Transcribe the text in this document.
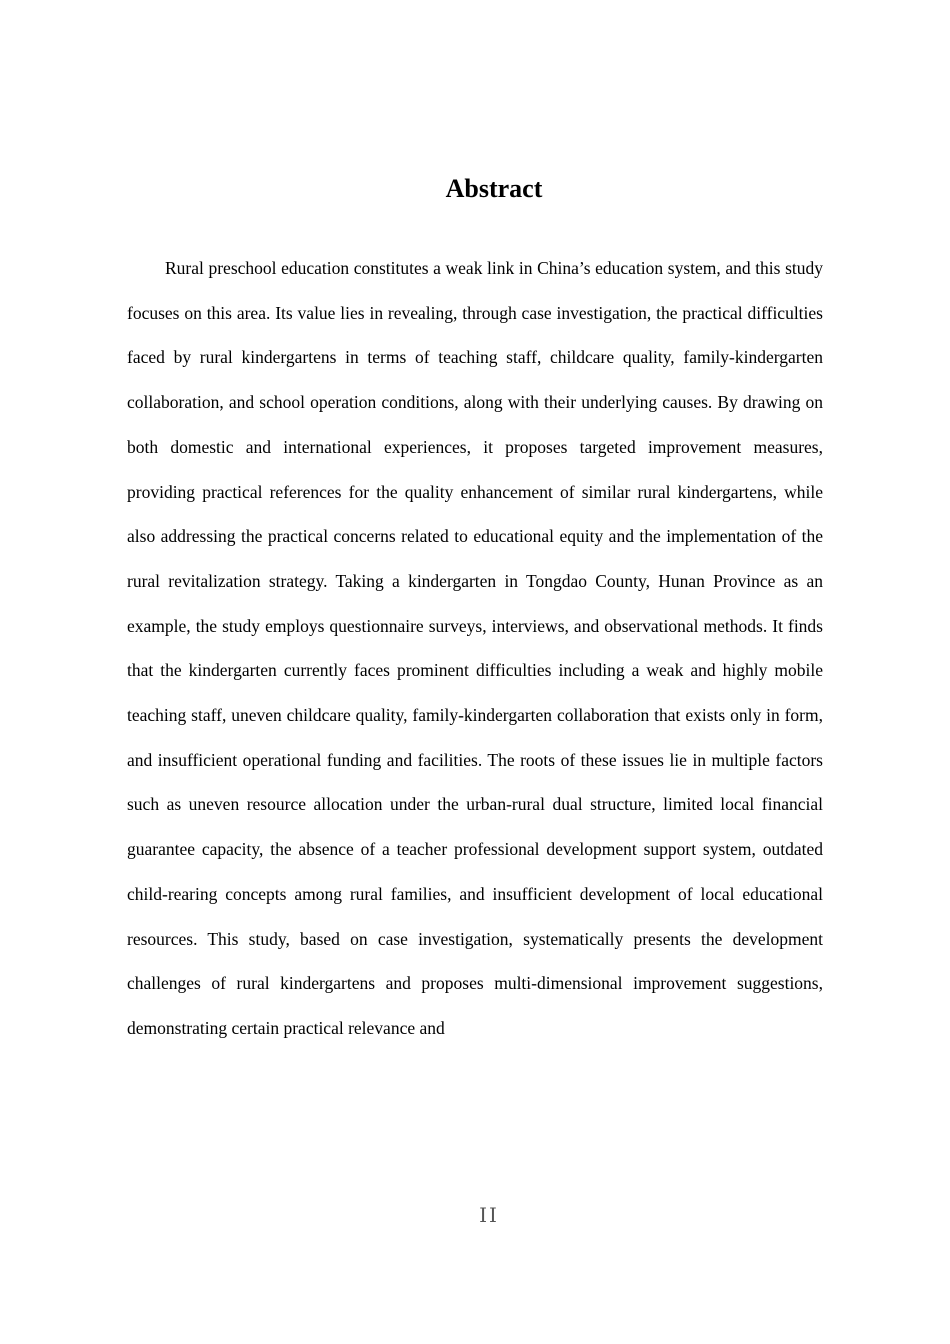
Abstract

Rural preschool education constitutes a weak link in China’s education system, and this study focuses on this area. Its value lies in revealing, through case investigation, the practical difficulties faced by rural kindergartens in terms of teaching staff, childcare quality, family-kindergarten collaboration, and school operation conditions, along with their underlying causes. By drawing on both domestic and international experiences, it proposes targeted improvement measures, providing practical references for the quality enhancement of similar rural kindergartens, while also addressing the practical concerns related to educational equity and the implementation of the rural revitalization strategy. Taking a kindergarten in Tongdao County, Hunan Province as an example, the study employs questionnaire surveys, interviews, and observational methods. It finds that the kindergarten currently faces prominent difficulties including a weak and highly mobile teaching staff, uneven childcare quality, family-kindergarten collaboration that exists only in form, and insufficient operational funding and facilities. The roots of these issues lie in multiple factors such as uneven resource allocation under the urban-rural dual structure, limited local financial guarantee capacity, the absence of a teacher professional development support system, outdated child-rearing concepts among rural families, and insufficient development of local educational resources. This study, based on case investigation, systematically presents the development challenges of rural kindergartens and proposes multi-dimensional improvement suggestions, demonstrating certain practical relevance and

II
